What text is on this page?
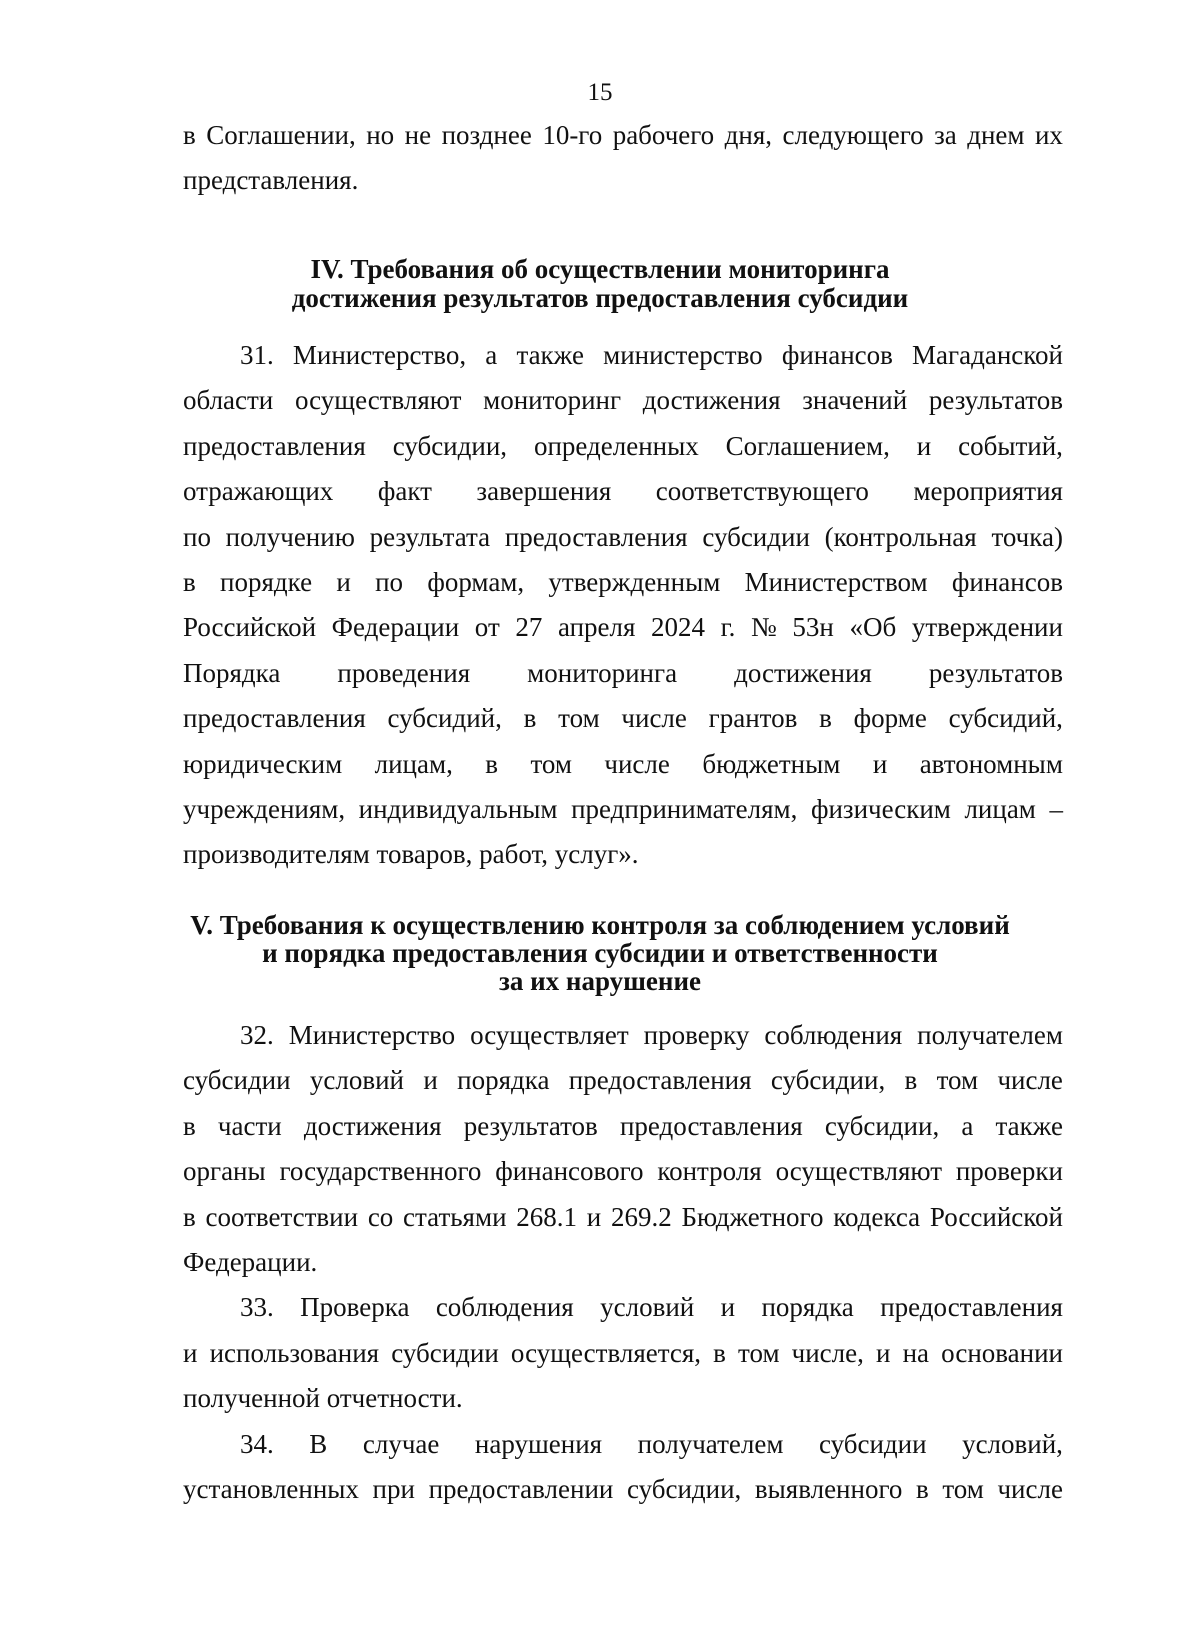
15
в Соглашении, но не позднее 10-го рабочего дня, следующего за днем их
представления.
IV. Требования об осуществлении мониторинга
достижения результатов предоставления субсидии
31. Министерство, а также министерство финансов Магаданской
области осуществляют мониторинг достижения значений результатов
предоставления субсидии, определенных Соглашением, и событий,
отражающих факт завершения соответствующего мероприятия
по получению результата предоставления субсидии (контрольная точка)
в порядке и по формам, утвержденным Министерством финансов
Российской Федерации от 27 апреля 2024 г. № 53н «Об утверждении
Порядка проведения мониторинга достижения результатов
предоставления субсидий, в том числе грантов в форме субсидий,
юридическим лицам, в том числе бюджетным и автономным
учреждениям, индивидуальным предпринимателям, физическим лицам –
производителям товаров, работ, услуг».
V. Требования к осуществлению контроля за соблюдением условий
и порядка предоставления субсидии и ответственности
за их нарушение
32. Министерство осуществляет проверку соблюдения получателем
субсидии условий и порядка предоставления субсидии, в том числе
в части достижения результатов предоставления субсидии, а также
органы государственного финансового контроля осуществляют проверки
в соответствии со статьями 268.1 и 269.2 Бюджетного кодекса Российской
Федерации.
33. Проверка соблюдения условий и порядка предоставления
и использования субсидии осуществляется, в том числе, и на основании
полученной отчетности.
34. В случае нарушения получателем субсидии условий,
установленных при предоставлении субсидии, выявленного в том числе
